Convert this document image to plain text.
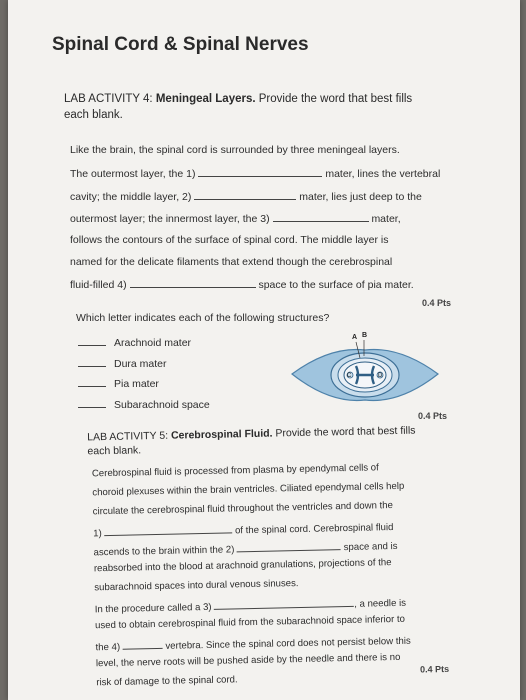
Spinal Cord & Spinal Nerves
LAB ACTIVITY 4: Meningeal Layers. Provide the word that best fills
each blank.
Like the brain, the spinal cord is surrounded by three meningeal layers.
The outermost layer, the 1)	mater, lines the vertebral
cavity; the middle layer, 2)	mater, lies just deep to the
outermost layer; the innermost layer, the 3)	mater,
follows the contours of the surface of spinal cord. The middle layer is
named for the delicate filaments that extend though the cerebrospinal
fluid-filled 4)	space to the surface of pia mater.
0.4 Pts
Which letter indicates each of the following structures?
Arachnoid mater
Dura mater
Pia mater
Subarachnoid space
A B
C	D
0.4 Pts
LAB ACTIVITY 5: Cerebrospinal Fluid. Provide the word that best fills
each blank.
Cerebrospinal fluid is processed from plasma by ependymal cells of
choroid plexuses within the brain ventricles. Ciliated ependymal cells help
circulate the cerebrospinal fluid throughout the ventricles and down the
1)	of the spinal cord. Cerebrospinal fluid
ascends to the brain within the 2)	space and is
reabsorbed into the blood at arachnoid granulations, projections of the
subarachnoid spaces into dural venous sinuses.
In the procedure called a 3)	, a needle is
used to obtain cerebrospinal fluid from the subarachnoid space inferior to
the 4)	vertebra. Since the spinal cord does not persist below this
level, the nerve roots will be pushed aside by the needle and there is no
risk of damage to the spinal cord.
0.4 Pts
